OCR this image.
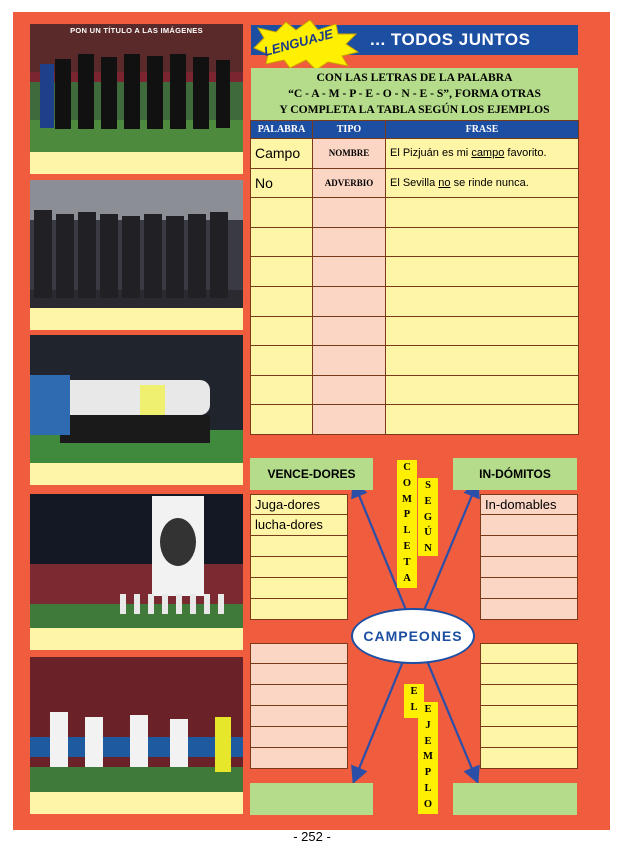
PON UN TÍTULO A LAS IMÁGENES	LENGUAJE ... TODOS JUNTOS
CON LAS LETRAS DE LA PALABRA
“C - A - M - P - E - O - N - E - S”, FORMA OTRAS
Y COMPLETA LA TABLA SEGÚN LOS EJEMPLOS
PALABRA	TIPO	FRASE
Campo	NOMBRE	El Pizjuán es mi campo favorito.
No	ADVERBIO	El Sevilla no se rinde nunca.

VENCE-DORES	IN-DÓMITOS
Juga-dores
lucha-dores
In-domables
C
O
M
P
L
E
T
A
S
E
G
Ú
N
E
L E
J
E
M
P
L
O
CAMPEONES
- 252 -
